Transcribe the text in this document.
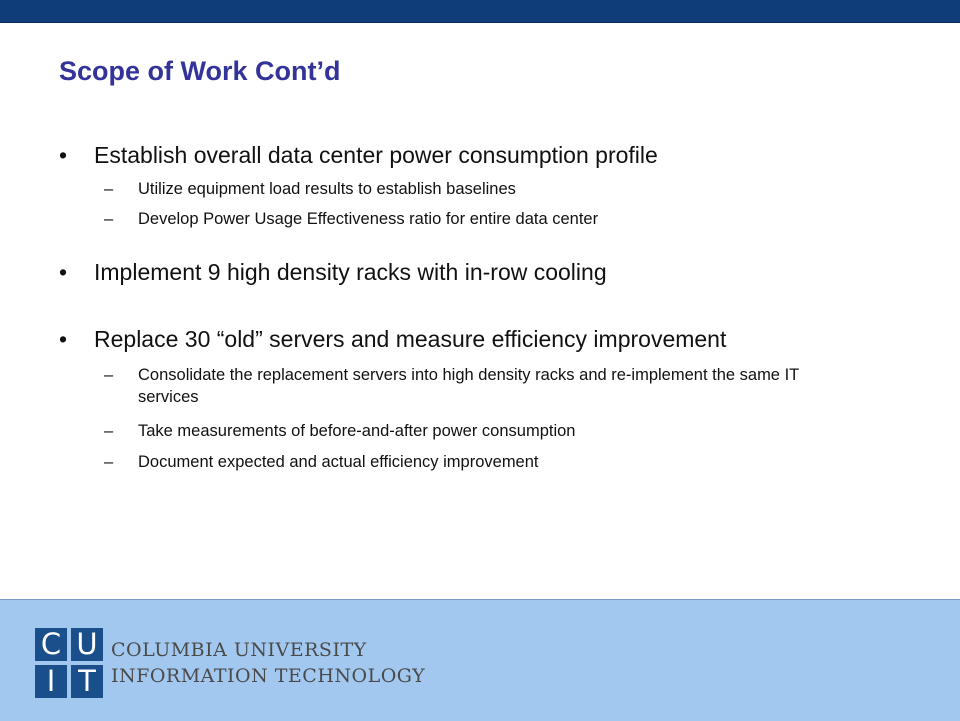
Scope of Work Cont’d
•	Establish overall data center power consumption profile
– Utilize equipment load results to establish baselines
– Develop Power Usage Effectiveness ratio for entire data center
•	Implement 9 high density racks with in-row cooling
•	Replace 30 “old” servers and measure efficiency improvement
– Consolidate the replacement servers into high density racks and re-implement the same IT services
– Take measurements of before-and-after power consumption
– Document expected and actual efficiency improvement
C U
I T
COLUMBIA UNIVERSITY
INFORMATION TECHNOLOGY
